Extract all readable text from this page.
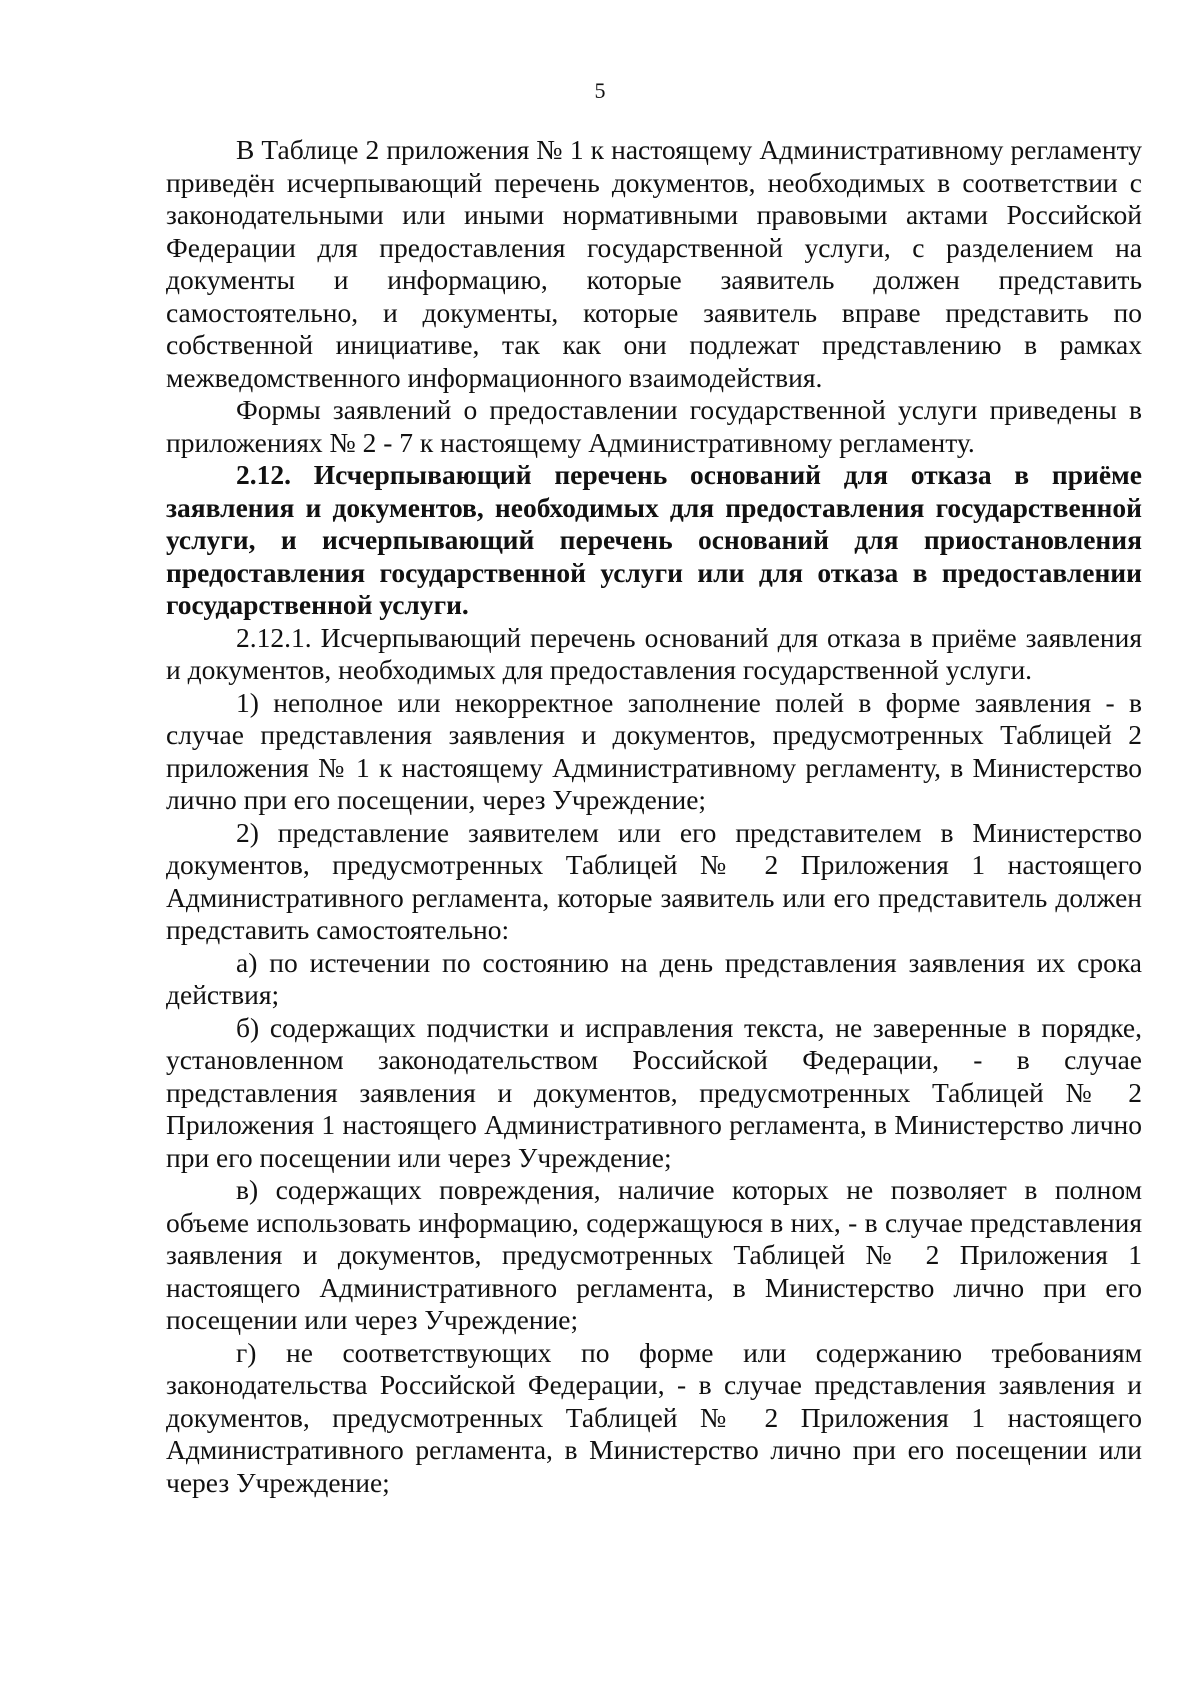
5

В Таблице 2 приложения № 1 к настоящему Административному регламенту приведён исчерпывающий перечень документов, необходимых в соответствии с законодательными или иными нормативными правовыми актами Российской Федерации для предоставления государственной услуги, с разделением на документы и информацию, которые заявитель должен представить самостоятельно, и документы, которые заявитель вправе представить по собственной инициативе, так как они подлежат представлению в рамках межведомственного информационного взаимодействия.

Формы заявлений о предоставлении государственной услуги приведены в приложениях № 2 - 7 к настоящему Административному регламенту.

2.12. Исчерпывающий перечень оснований для отказа в приёме заявления и документов, необходимых для предоставления государственной услуги, и исчерпывающий перечень оснований для приостановления предоставления государственной услуги или для отказа в предоставлении государственной услуги.

2.12.1. Исчерпывающий перечень оснований для отказа в приёме заявления и документов, необходимых для предоставления государственной услуги.

1) неполное или некорректное заполнение полей в форме заявления - в случае представления заявления и документов, предусмотренных Таблицей 2 приложения № 1 к настоящему Административному регламенту, в Министерство лично при его посещении, через Учреждение;

2) представление заявителем или его представителем в Министерство документов, предусмотренных Таблицей № 2 Приложения 1 настоящего Административного регламента, которые заявитель или его представитель должен представить самостоятельно:

а) по истечении по состоянию на день представления заявления их срока действия;

б) содержащих подчистки и исправления текста, не заверенные в порядке, установленном законодательством Российской Федерации, - в случае представления заявления и документов, предусмотренных Таблицей № 2 Приложения 1 настоящего Административного регламента, в Министерство лично при его посещении или через Учреждение;

в) содержащих повреждения, наличие которых не позволяет в полном объеме использовать информацию, содержащуюся в них, - в случае представления заявления и документов, предусмотренных Таблицей № 2 Приложения 1 настоящего Административного регламента, в Министерство лично при его посещении или через Учреждение;

г) не соответствующих по форме или содержанию требованиям законодательства Российской Федерации, - в случае представления заявления и документов, предусмотренных Таблицей № 2 Приложения 1 настоящего Административного регламента, в Министерство лично при его посещении или через Учреждение;
